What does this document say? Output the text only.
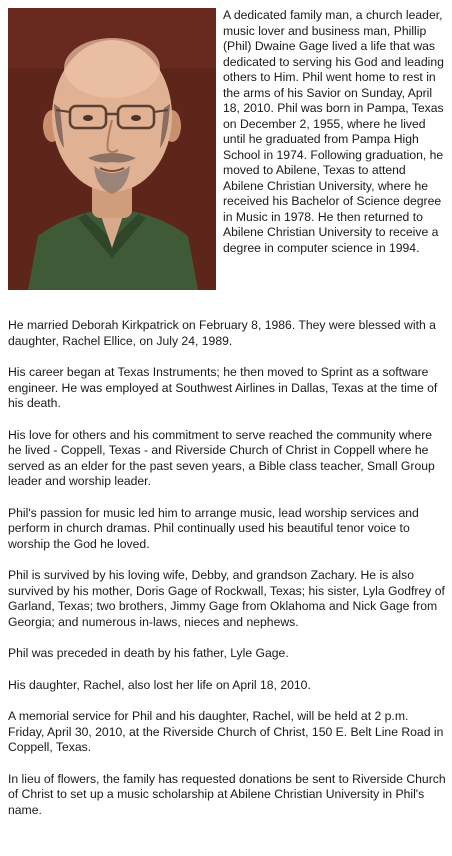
A dedicated family man, a church leader, music lover and business man, Phillip (Phil) Dwaine Gage lived a life that was dedicated to serving his God and leading others to Him. Phil went home to rest in the arms of his Savior on Sunday, April 18, 2010. Phil was born in Pampa, Texas on December 2, 1955, where he lived until he graduated from Pampa High School in 1974. Following graduation, he moved to Abilene, Texas to attend Abilene Christian University, where he received his Bachelor of Science degree in Music in 1978. He then returned to Abilene Christian University to receive a degree in computer science in 1994.

He married Deborah Kirkpatrick on February 8, 1986. They were blessed with a daughter, Rachel Ellice, on July 24, 1989.

His career began at Texas Instruments; he then moved to Sprint as a software engineer. He was employed at Southwest Airlines in Dallas, Texas at the time of his death.

His love for others and his commitment to serve reached the community where he lived - Coppell, Texas - and Riverside Church of Christ in Coppell where he served as an elder for the past seven years, a Bible class teacher, Small Group leader and worship leader.

Phil's passion for music led him to arrange music, lead worship services and perform in church dramas. Phil continually used his beautiful tenor voice to worship the God he loved.

Phil is survived by his loving wife, Debby, and grandson Zachary. He is also survived by his mother, Doris Gage of Rockwall, Texas; his sister, Lyla Godfrey of Garland, Texas; two brothers, Jimmy Gage from Oklahoma and Nick Gage from Georgia; and numerous in-laws, nieces and nephews.

Phil was preceded in death by his father, Lyle Gage.

His daughter, Rachel, also lost her life on April 18, 2010.

A memorial service for Phil and his daughter, Rachel, will be held at 2 p.m. Friday, April 30, 2010, at the Riverside Church of Christ, 150 E. Belt Line Road in Coppell, Texas.

In lieu of flowers, the family has requested donations be sent to Riverside Church of Christ to set up a music scholarship at Abilene Christian University in Phil's name.
